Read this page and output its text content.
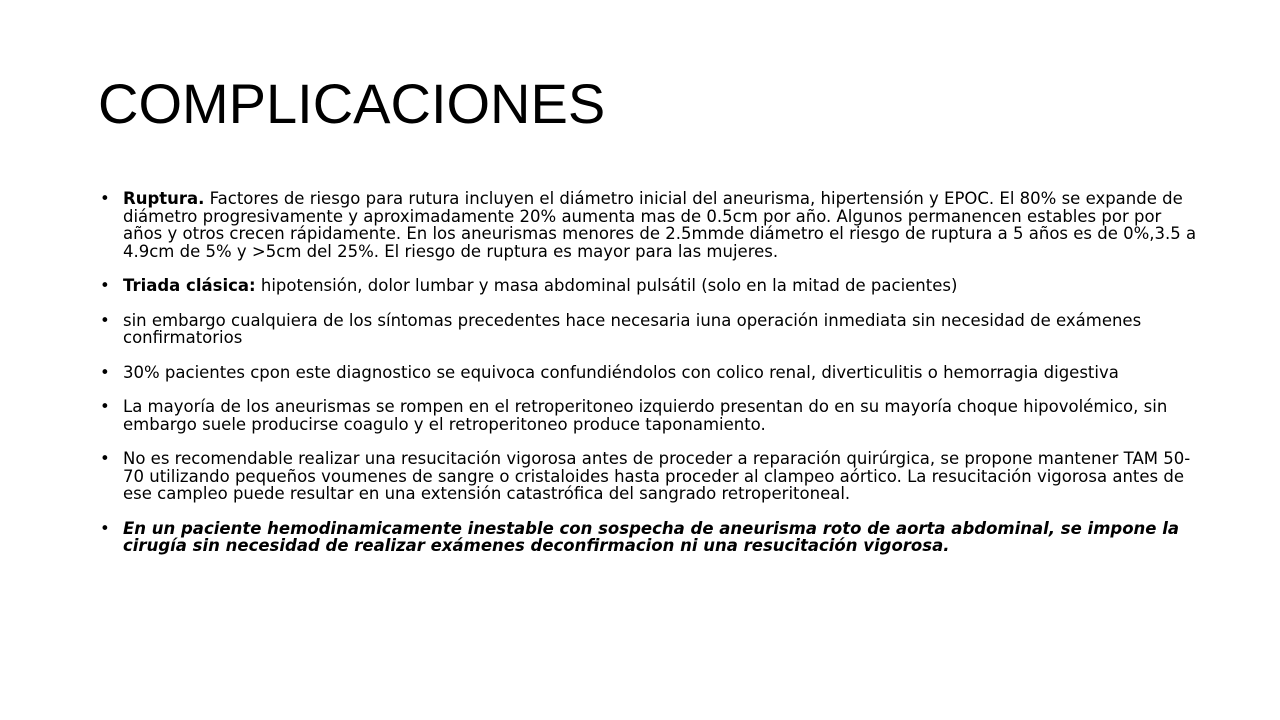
COMPLICACIONES
• Ruptura. Factores de riesgo para rutura incluyen el diámetro inicial del aneurisma, hipertensión y EPOC. El 80% se expande de diámetro progresivamente y aproximadamente 20% aumenta mas de 0.5cm por año. Algunos permanencen estables por por años y otros crecen rápidamente. En los aneurismas menores de 2.5mmde diámetro el riesgo de ruptura a 5 años es de 0%,3.5 a 4.9cm de 5% y >5cm del 25%. El riesgo de ruptura es mayor para las mujeres.
• Triada clásica: hipotensión, dolor lumbar y masa abdominal pulsátil (solo en la mitad de pacientes)
• sin embargo cualquiera de los síntomas precedentes hace necesaria iuna operación inmediata sin necesidad de exámenes confirmatorios
• 30% pacientes cpon este diagnostico se equivoca confundiéndolos con colico renal, diverticulitis o hemorragia digestiva
• La mayoría de los aneurismas se rompen en el retroperitoneo izquierdo presentan do en su mayoría choque hipovolémico, sin embargo suele producirse coagulo y el retroperitoneo produce taponamiento.
• No es recomendable realizar una resucitación vigorosa antes de proceder a reparación quirúrgica, se propone mantener TAM 50-70 utilizando pequeños voumenes de sangre o cristaloides hasta proceder al clampeo aórtico. La resucitación vigorosa antes de ese campleo puede resultar en una extensión catastrófica del sangrado retroperitoneal.
• En un paciente hemodinamicamente inestable con sospecha de aneurisma roto de aorta abdominal, se impone la cirugía sin necesidad de realizar exámenes deconfirmacion ni una resucitación vigorosa.
